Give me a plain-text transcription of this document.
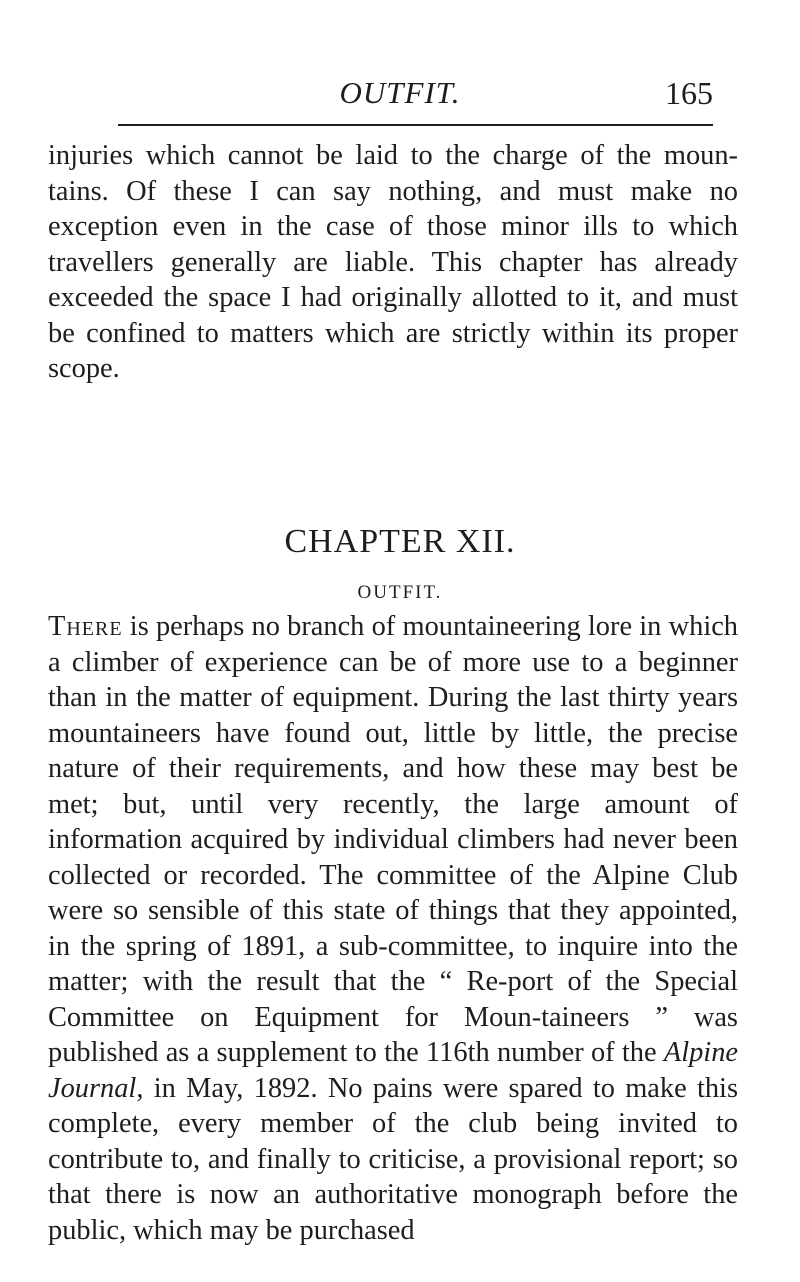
OUTFIT.	165

injuries which cannot be laid to the charge of the moun-tains. Of these I can say nothing, and must make no exception even in the case of those minor ills to which travellers generally are liable. This chapter has already exceeded the space I had originally allotted to it, and must be confined to matters which are strictly within its proper scope.

CHAPTER XII.
OUTFIT.

There is perhaps no branch of mountaineering lore in which a climber of experience can be of more use to a beginner than in the matter of equipment. During the last thirty years mountaineers have found out, little by little, the precise nature of their requirements, and how these may best be met; but, until very recently, the large amount of information acquired by individual climbers had never been collected or recorded. The committee of the Alpine Club were so sensible of this state of things that they appointed, in the spring of 1891, a sub-committee, to inquire into the matter; with the result that the “ Re-port of the Special Committee on Equipment for Moun-taineers ” was published as a supplement to the 116th number of the Alpine Journal, in May, 1892. No pains were spared to make this complete, every member of the club being invited to contribute to, and finally to criticise, a provisional report; so that there is now an authoritative monograph before the public, which may be purchased
